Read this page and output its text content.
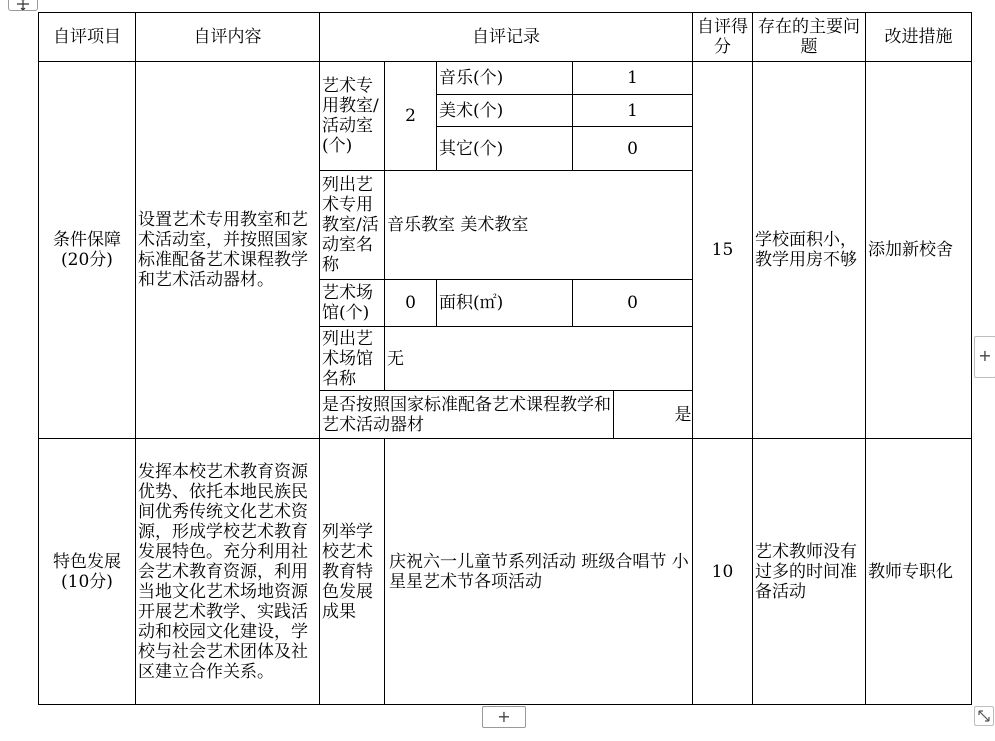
自评项目	自评内容	自评记录					自评得分	存在的主要问题	改进措施
条件保障(20分)	设置艺术专用教室和艺术活动室，并按照国家标准配备艺术课程教学和艺术活动器材。	艺术专用教室/活动室(个)	2	音乐(个)	1		15	学校面积小，教学用房不够	添加新校舍
				美术(个)	1				
				其它(个)	0				
		列出艺术专用教室/活动室名称	音乐教室 美术教室						
		艺术场馆(个)	0	面积(㎡)	0				
		列出艺术场馆名称	无						
		是否按照国家标准配备艺术课程教学和艺术活动器材				是			

特色发展(10分)	发挥本校艺术教育资源优势、依托本地民族民间优秀传统文化艺术资源，形成学校艺术教育发展特色。充分利用社会艺术教育资源，利用当地文化艺术场地资源开展艺术教学、实践活动和校园文化建设，学校与社会艺术团体及社区建立合作关系。	列举学校艺术教育特色发展成果	庆祝六一儿童节系列活动 班级合唱节 小星星艺术节各项活动				10	艺术教师没有过多的时间准备活动	教师专职化
+
+
